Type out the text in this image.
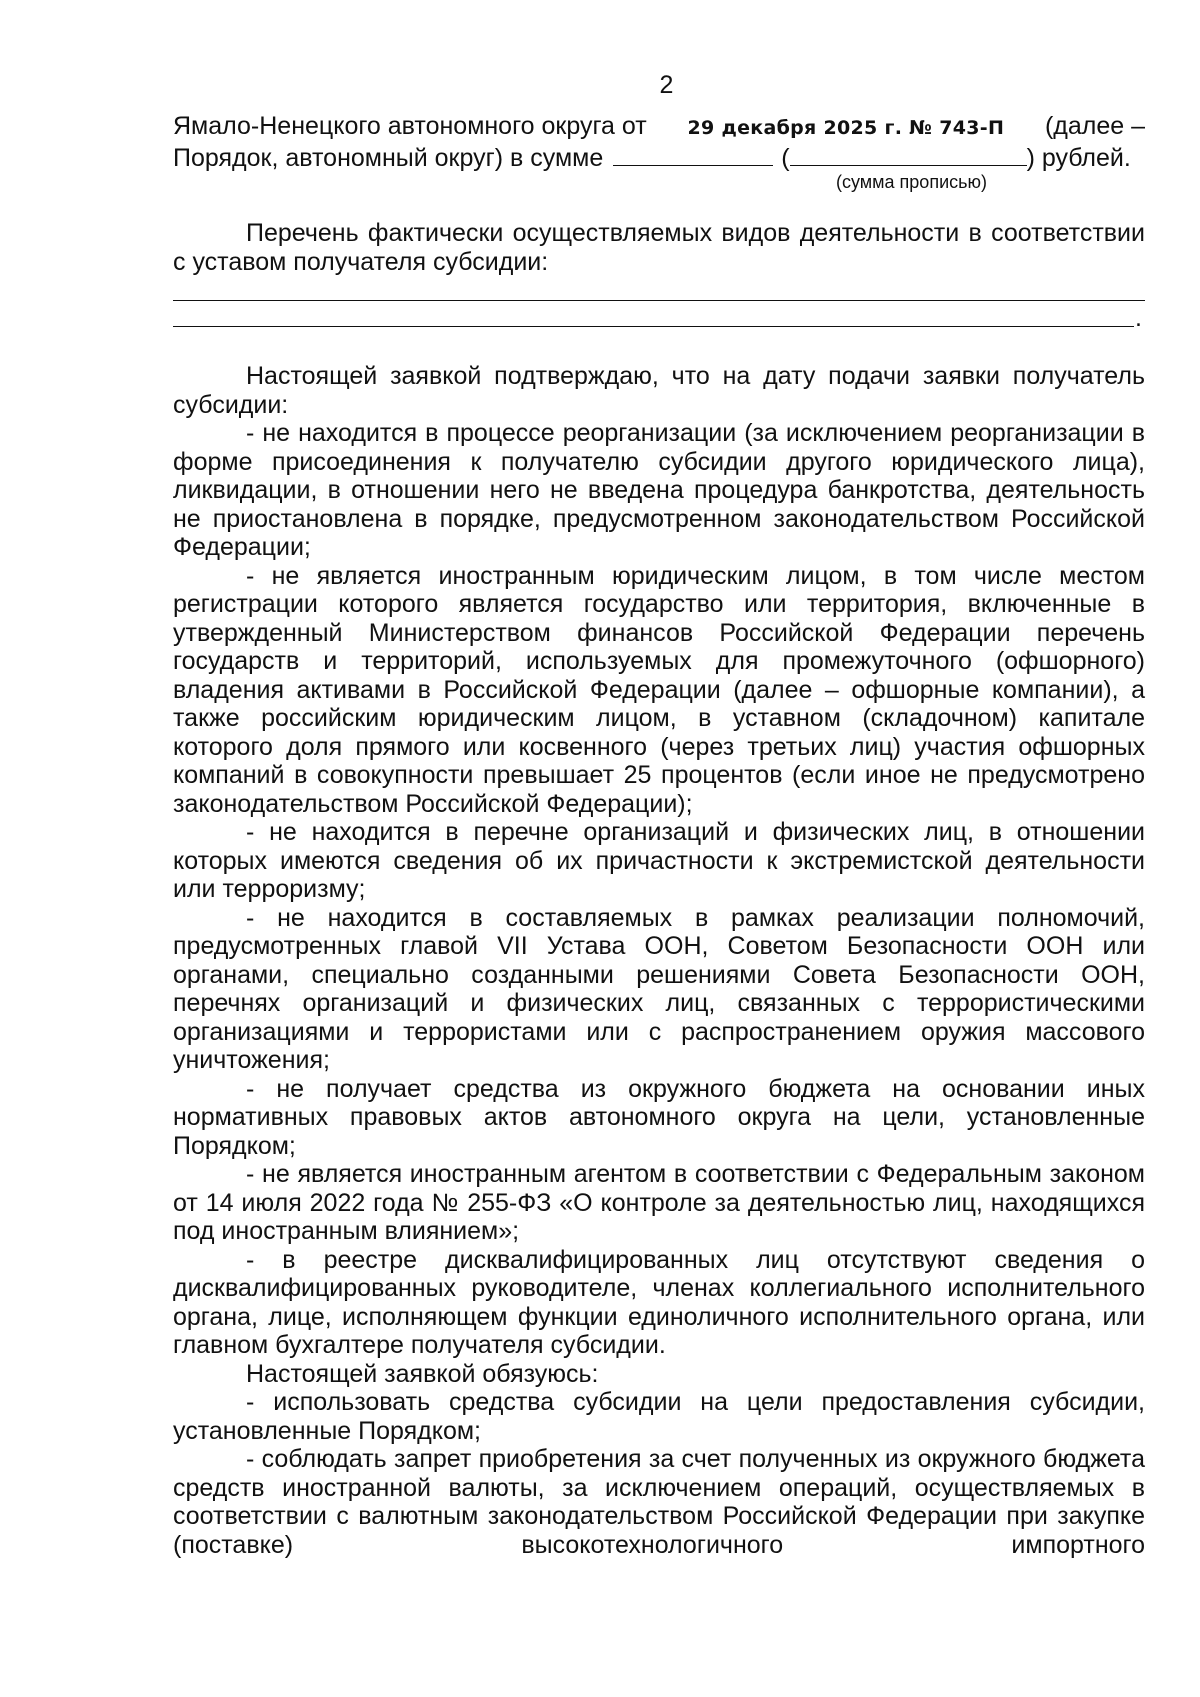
2
Ямало-Ненецкого автономного округа от 29 декабря 2025 г. № 743-П (далее –
Порядок, автономный округ) в сумме	(	) рублей.
(сумма прописью)

Перечень фактически осуществляемых видов деятельности в соответствии с уставом получателя субсидии:

.

Настоящей заявкой подтверждаю, что на дату подачи заявки получатель субсидии:

- не находится в процессе реорганизации (за исключением реорганизации в форме присоединения к получателю субсидии другого юридического лица), ликвидации, в отношении него не введена процедура банкротства, деятельность не приостановлена в порядке, предусмотренном законодательством Российской Федерации;

- не является иностранным юридическим лицом, в том числе местом регистрации которого является государство или территория, включенные в утвержденный Министерством финансов Российской Федерации перечень государств и территорий, используемых для промежуточного (офшорного) владения активами в Российской Федерации (далее – офшорные компании), а также российским юридическим лицом, в уставном (складочном) капитале которого доля прямого или косвенного (через третьих лиц) участия офшорных компаний в совокупности превышает 25 процентов (если иное не предусмотрено законодательством Российской Федерации);

- не находится в перечне организаций и физических лиц, в отношении которых имеются сведения об их причастности к экстремистской деятельности или терроризму;

- не находится в составляемых в рамках реализации полномочий, предусмотренных главой VII Устава ООН, Советом Безопасности ООН или органами, специально созданными решениями Совета Безопасности ООН, перечнях организаций и физических лиц, связанных с террористическими организациями и террористами или с распространением оружия массового уничтожения;

- не получает средства из окружного бюджета на основании иных нормативных правовых актов автономного округа на цели, установленные Порядком;

- не является иностранным агентом в соответствии с Федеральным законом от 14 июля 2022 года № 255-ФЗ «О контроле за деятельностью лиц, находящихся под иностранным влиянием»;

- в реестре дисквалифицированных лиц отсутствуют сведения о дисквалифицированных руководителе, членах коллегиального исполнительного органа, лице, исполняющем функции единоличного исполнительного органа, или главном бухгалтере получателя субсидии.

Настоящей заявкой обязуюсь:

- использовать средства субсидии на цели предоставления субсидии, установленные Порядком;

- соблюдать запрет приобретения за счет полученных из окружного бюджета средств иностранной валюты, за исключением операций, осуществляемых в соответствии с валютным законодательством Российской Федерации при закупке (поставке) высокотехнологичного импортного
